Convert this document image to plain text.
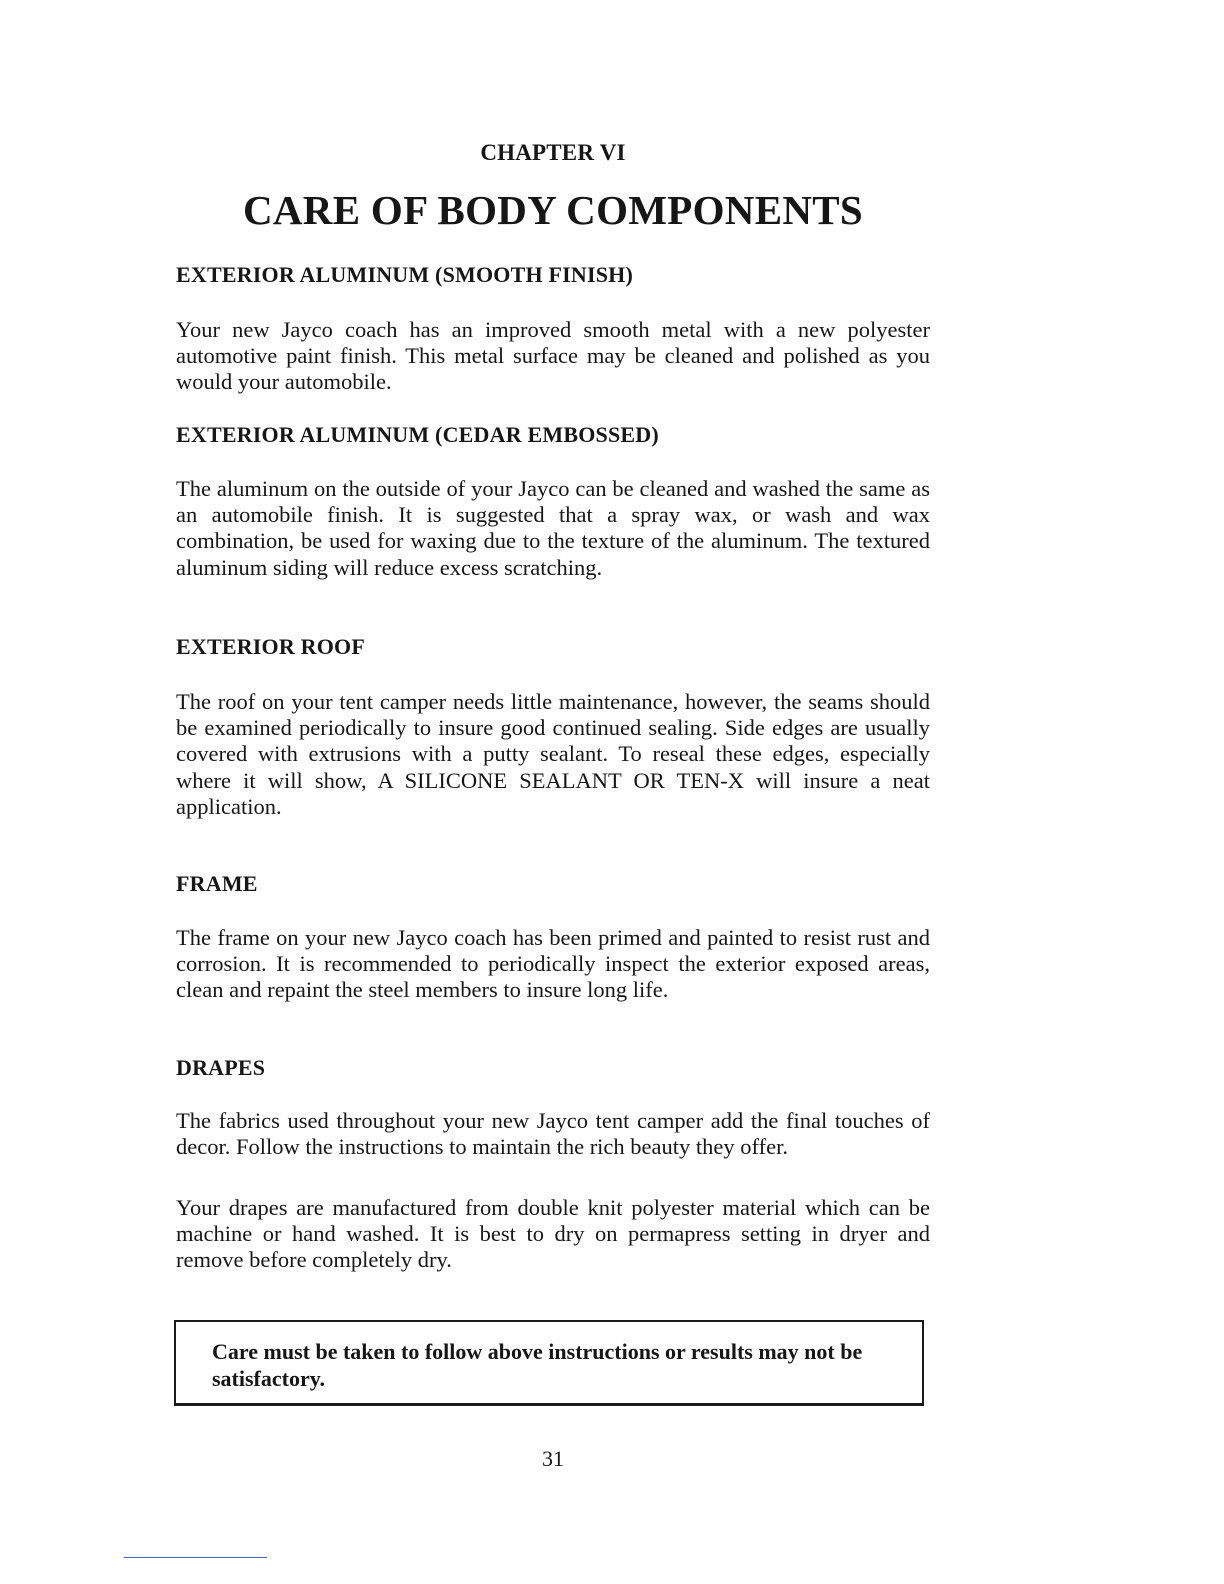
CHAPTER VI
CARE OF BODY COMPONENTS
EXTERIOR ALUMINUM (SMOOTH FINISH)

Your new Jayco coach has an improved smooth metal with a new polyester automotive paint finish. This metal surface may be cleaned and polished as you would your automobile.

EXTERIOR ALUMINUM (CEDAR EMBOSSED)

The aluminum on the outside of your Jayco can be cleaned and washed the same as an automobile finish. It is suggested that a spray wax, or wash and wax combination, be used for waxing due to the texture of the aluminum. The textured aluminum siding will reduce excess scratching.

EXTERIOR ROOF

The roof on your tent camper needs little maintenance, however, the seams should be examined periodically to insure good continued sealing. Side edges are usually covered with extrusions with a putty sealant. To reseal these edges, especially where it will show, A SILICONE SEALANT OR TEN-X will insure a neat application.

FRAME

The frame on your new Jayco coach has been primed and painted to resist rust and corrosion. It is recommended to periodically inspect the exterior exposed areas, clean and repaint the steel members to insure long life.

DRAPES

The fabrics used throughout your new Jayco tent camper add the final touches of decor. Follow the instructions to maintain the rich beauty they offer.

Your drapes are manufactured from double knit polyester material which can be machine or hand washed. It is best to dry on permapress setting in dryer and remove before completely dry.

Care must be taken to follow above instructions or results may not be satisfactory.

31
